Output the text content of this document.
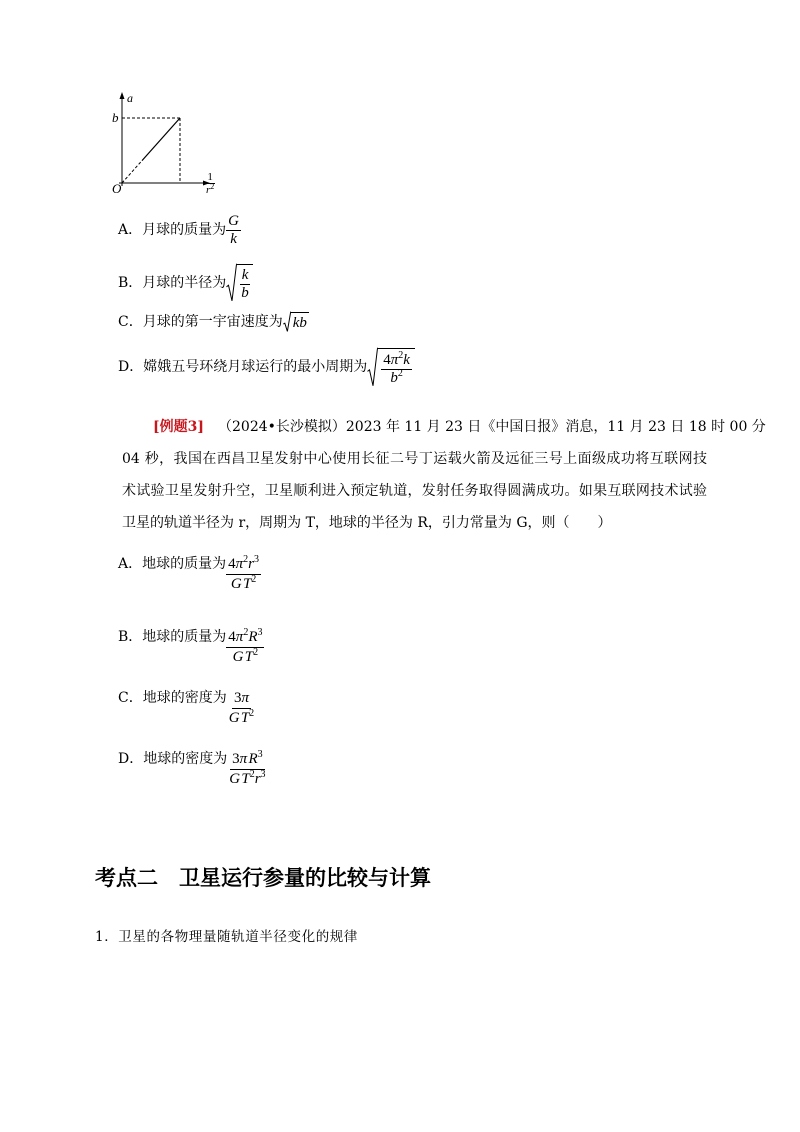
a
b
O	$\frac{1}{r^2}$
A． 月球的质量为 $\frac{G}{k}$
B． 月球的半径为 $\frac{k}{b}$
C． 月球的第一宇宙速度为 k b
D． 嫦娥五号环绕月球运行的最小周期为 $\frac{4\pi^2k}{b^2}$
[例题3] （2024•长沙模拟）2023 年 11 月 23 日《中国日报》消息，11 月 23 日 18 时 00 分
04 秒，我国在西昌卫星发射中心使用长征二号丁运载火箭及远征三号上面级成功将互联网技
术试验卫星发射升空，卫星顺利进入预定轨道，发射任务取得圆满成功。如果互联网技术试验
卫星的轨道半径为 r，周期为 T，地球的半径为 R，引力常量为 G，则（　　）
A． 地球的质量为 $\frac{4\pi^2r^3}{G T^2}$
B． 地球的质量为 $\frac{4\pi^2R^3}{G T^2}$
C． 地球的密度为 $\frac{3\pi}{G T^2}$
D． 地球的密度为 $\frac{3\pi R^3}{G T^2r^3}$
考点二　卫星运行参量的比较与计算
1．卫星的各物理量随轨道半径变化的规律
